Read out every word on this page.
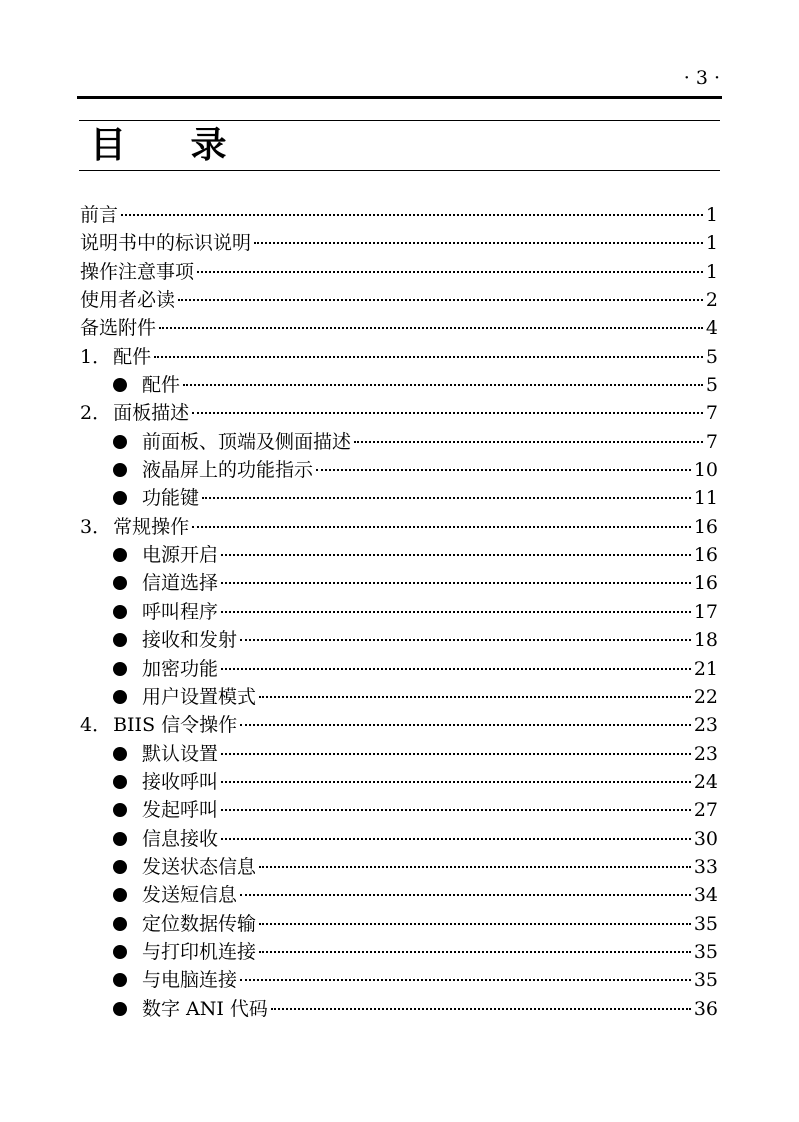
· 3 ·
目 录
前言	1
说明书中的标识说明	1
操作注意事项	1
使用者必读	2
备选附件	4
1． 配件	5
配件	5
2． 面板描述	7
前面板、顶端及侧面描述	7
液晶屏上的功能指示	10
功能键	11
3． 常规操作	16
电源开启	16
信道选择	16
呼叫程序	17
接收和发射	18
加密功能	21
用户设置模式	22
4． BIIS 信令操作	23
默认设置	23
接收呼叫	24
发起呼叫	27
信息接收	30
发送状态信息	33
发送短信息	34
定位数据传输	35
与打印机连接	35
与电脑连接	35
数字 ANI 代码	36
